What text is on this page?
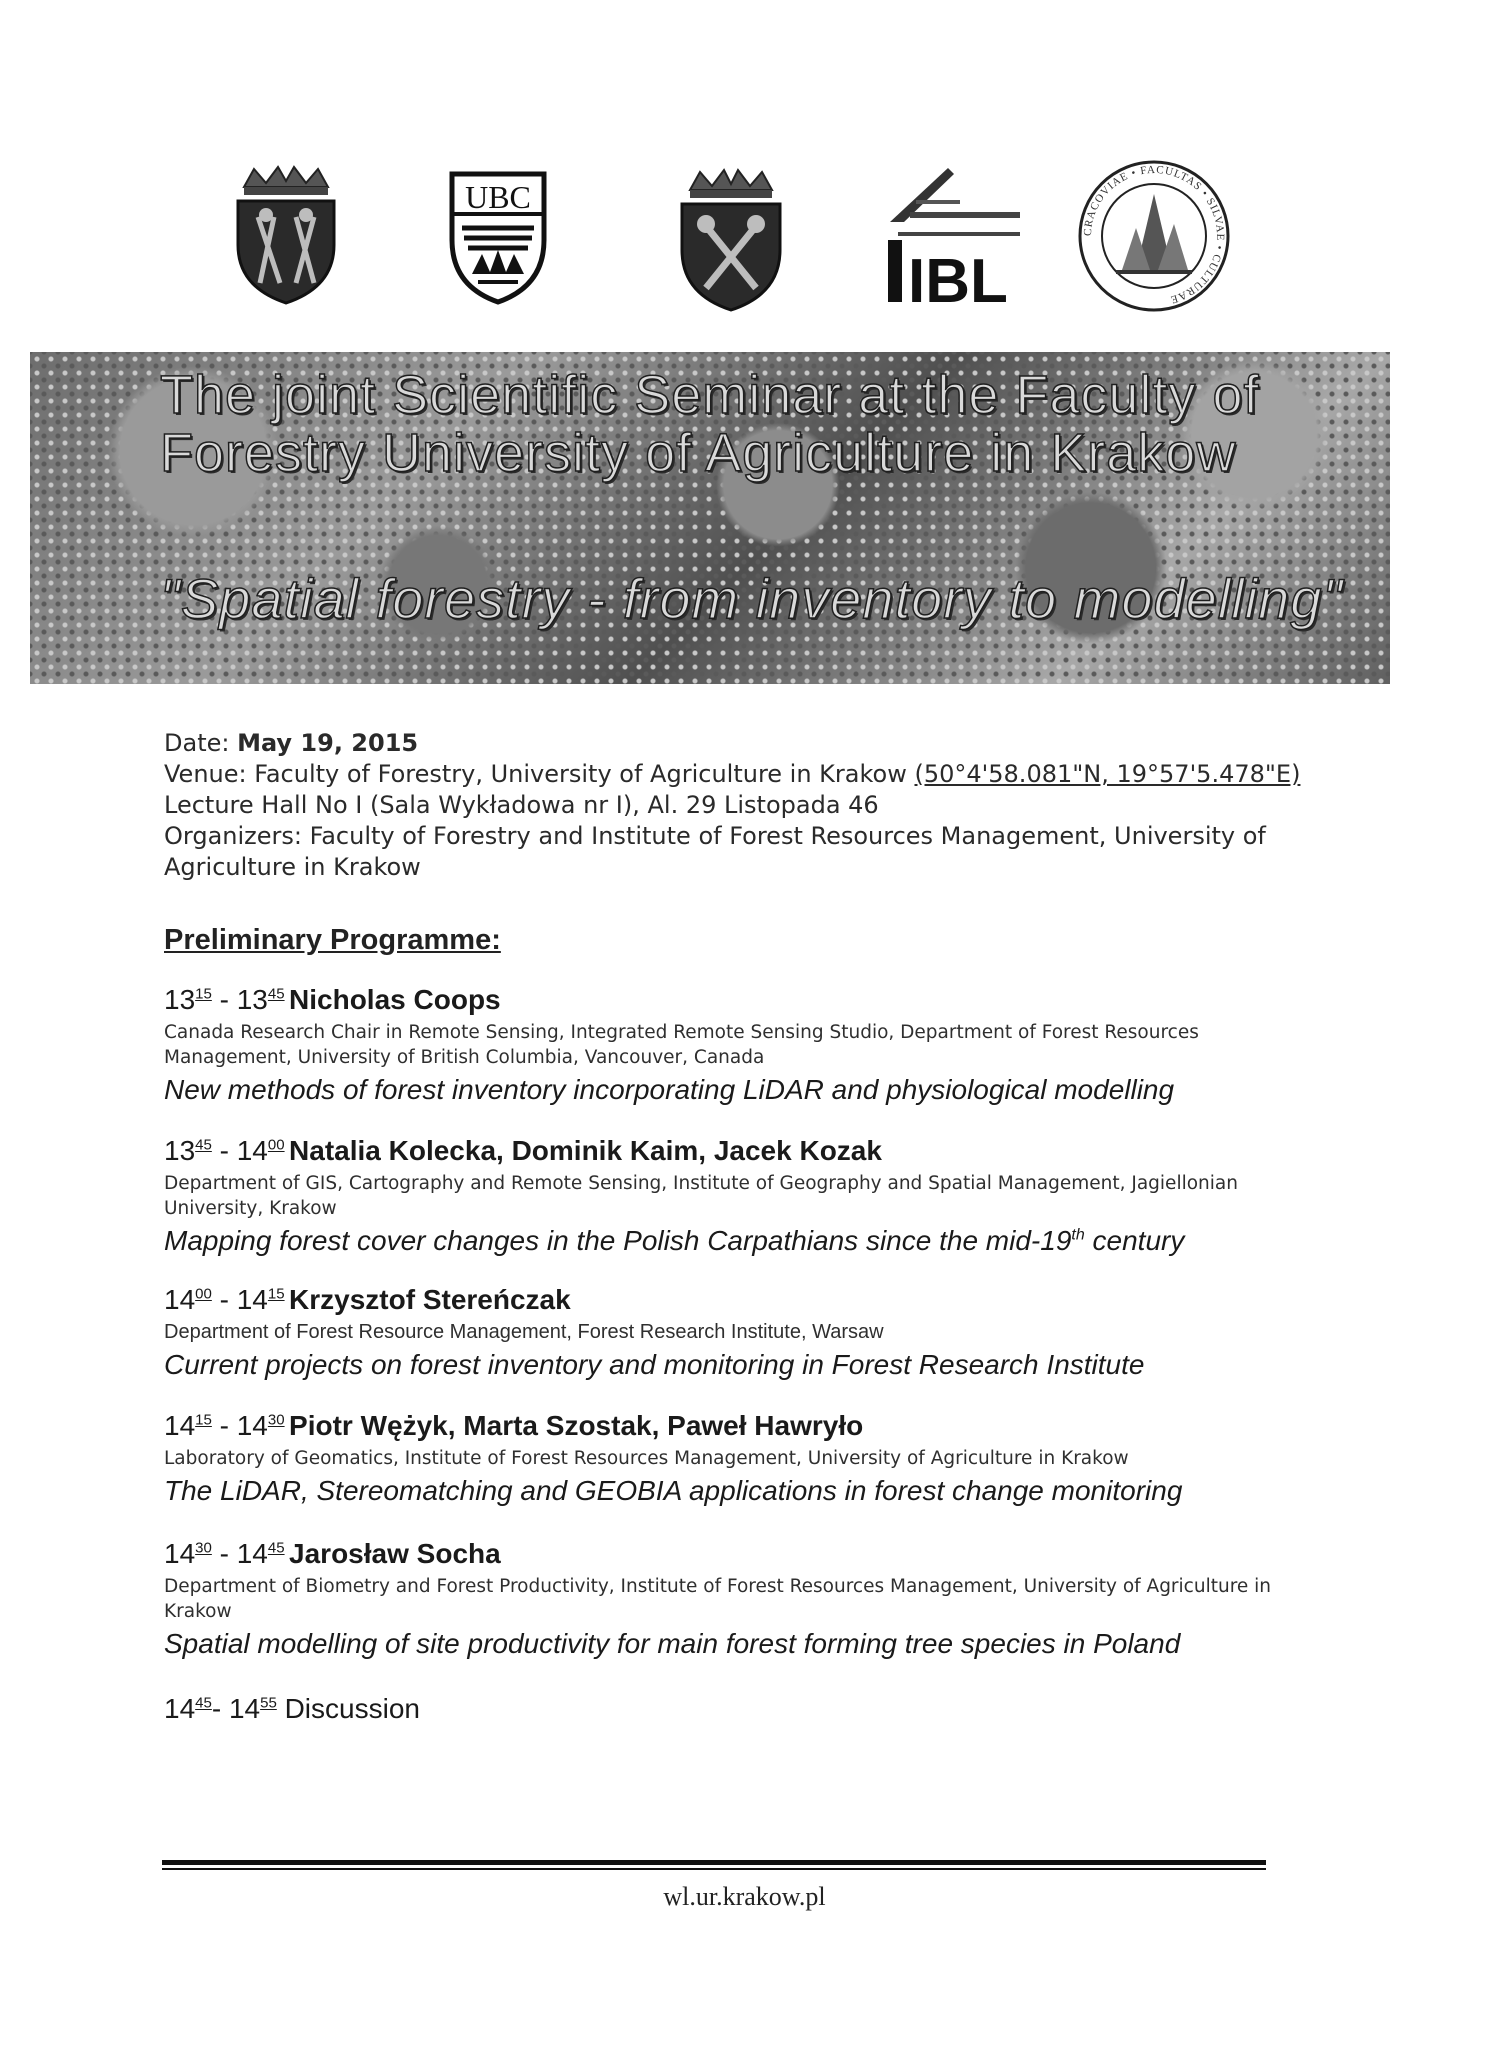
UBC
IBL
CRACOVIAE • FACULTAS • SILVAE • CULTURAE
The joint Scientific Seminar at the Faculty of
Forestry University of Agriculture in Krakow
"Spatial forestry - from inventory to modelling"

Date: May 19, 2015

Venue: Faculty of Forestry, University of Agriculture in Krakow (50°4'58.081"N, 19°57'5.478"E)

Lecture Hall No I (Sala Wykładowa nr I), Al. 29 Listopada 46

Organizers: Faculty of Forestry and Institute of Forest Resources Management, University of

Agriculture in Krakow

Preliminary Programme:

$13^{15} - 13^{45}$ Nicholas Coops

Canada Research Chair in Remote Sensing, Integrated Remote Sensing Studio, Department of Forest Resources
Management, University of British Columbia, Vancouver, Canada

New methods of forest inventory incorporating LiDAR and physiological modelling

$13^{45} - 14^{00}$ Natalia Kolecka, Dominik Kaim, Jacek Kozak

Department of GIS, Cartography and Remote Sensing, Institute of Geography and Spatial Management, Jagiellonian
University, Krakow

Mapping forest cover changes in the Polish Carpathians since the mid-19th century

$14^{00} - 14^{15}$ Krzysztof Stereńczak

Department of Forest Resource Management, Forest Research Institute, Warsaw

Current projects on forest inventory and monitoring in Forest Research Institute

$14^{15} - 14^{30}$ Piotr Wężyk, Marta Szostak, Paweł Hawryło

Laboratory of Geomatics, Institute of Forest Resources Management, University of Agriculture in Krakow

The LiDAR, Stereomatching and GEOBIA applications in forest change monitoring

$14^{30} - 14^{45}$ Jarosław Socha

Department of Biometry and Forest Productivity, Institute of Forest Resources Management, University of Agriculture in
Krakow

Spatial modelling of site productivity for main forest forming tree species in Poland

$14^{45}-$ $14^{55}$ Discussion

wl.ur.krakow.pl
